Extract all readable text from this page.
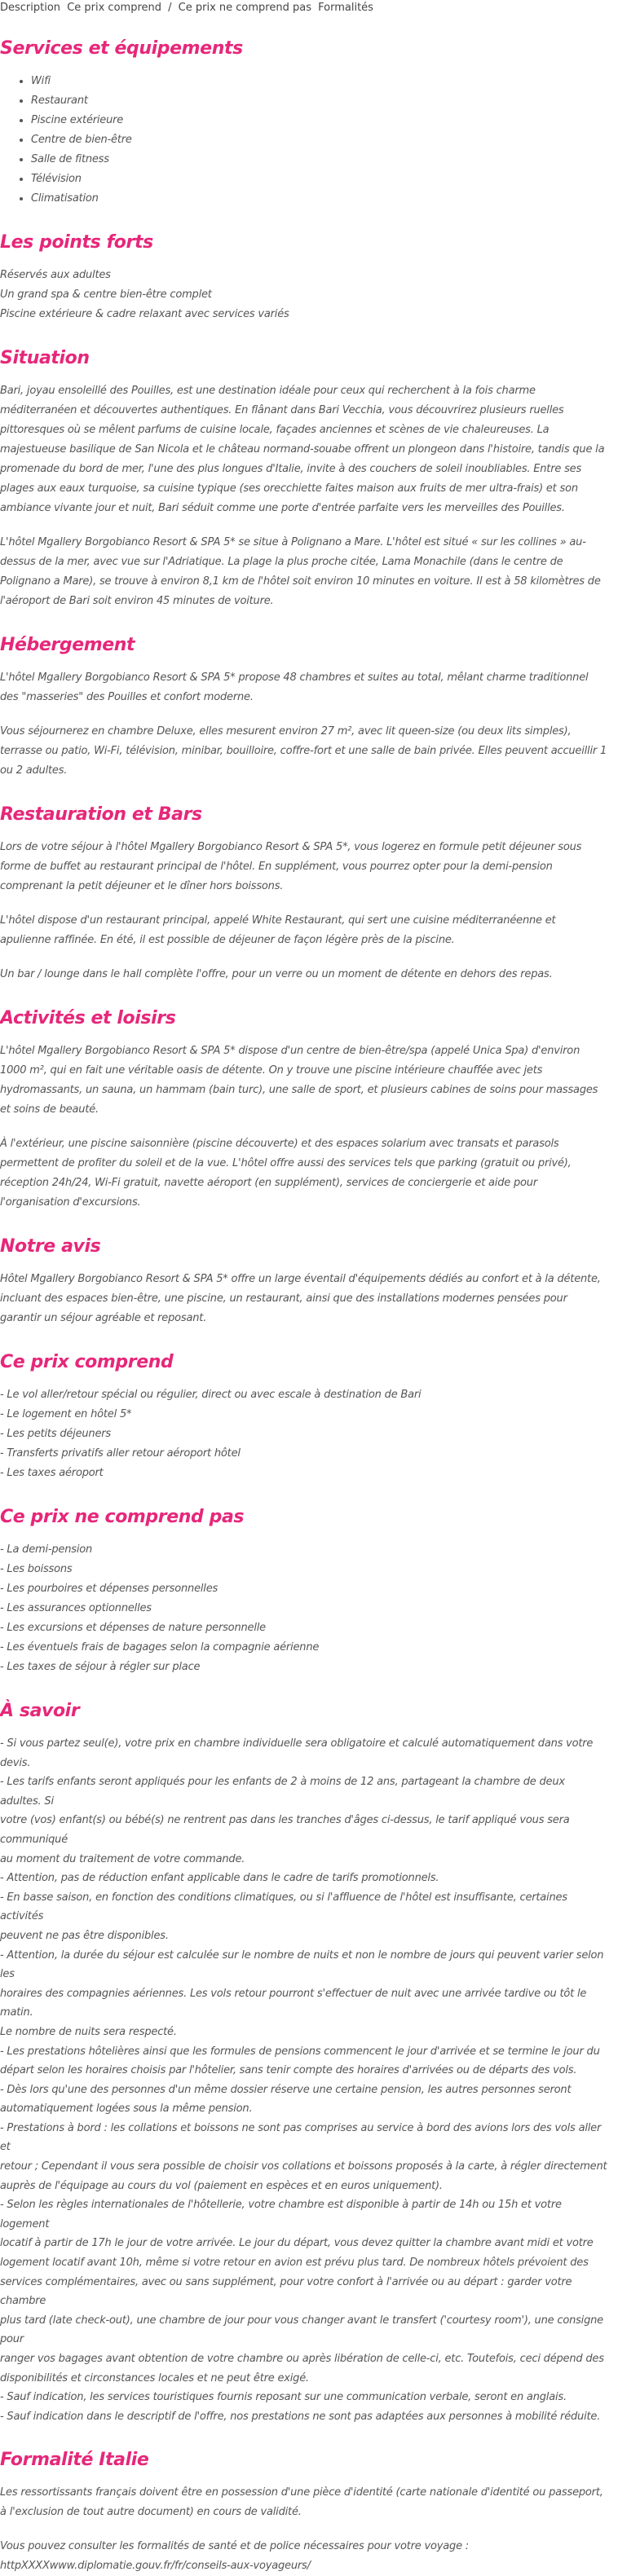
Description Ce prix comprend / Ce prix ne comprend pas Formalités
Services et équipements
• Wifi
• Restaurant
• Piscine extérieure
• Centre de bien-être
• Salle de fitness
• Télévision
• Climatisation
Les points forts
Réservés aux adultes
Un grand spa & centre bien-être complet
Piscine extérieure & cadre relaxant avec services variés
Situation

Bari, joyau ensoleillé des Pouilles, est une destination idéale pour ceux qui recherchent à la fois charme méditerranéen et découvertes authentiques. En flânant dans Bari Vecchia, vous découvrirez plusieurs ruelles pittoresques où se mêlent parfums de cuisine locale, façades anciennes et scènes de vie chaleureuses. La majestueuse basilique de San Nicola et le château normand-souabe offrent un plongeon dans l'histoire, tandis que la promenade du bord de mer, l'une des plus longues d'Italie, invite à des couchers de soleil inoubliables. Entre ses plages aux eaux turquoise, sa cuisine typique (ses orecchiette faites maison aux fruits de mer ultra-frais) et son ambiance vivante jour et nuit, Bari séduit comme une porte d'entrée parfaite vers les merveilles des Pouilles.

L'hôtel Mgallery Borgobianco Resort & SPA 5* se situe à Polignano a Mare. L'hôtel est situé « sur les collines » au-dessus de la mer, avec vue sur l'Adriatique. La plage la plus proche citée, Lama Monachile (dans le centre de Polignano a Mare), se trouve à environ 8,1 km de l'hôtel soit environ 10 minutes en voiture. Il est à 58 kilomètres de l'aéroport de Bari soit environ 45 minutes de voiture.

Hébergement

L'hôtel Mgallery Borgobianco Resort & SPA 5* propose 48 chambres et suites au total, mêlant charme traditionnel des "masseries" des Pouilles et confort moderne.

Vous séjournerez en chambre Deluxe, elles mesurent environ 27 m², avec lit queen-size (ou deux lits simples), terrasse ou patio, Wi-Fi, télévision, minibar, bouilloire, coffre-fort et une salle de bain privée. Elles peuvent accueillir 1 ou 2 adultes.

Restauration et Bars

Lors de votre séjour à l'hôtel Mgallery Borgobianco Resort & SPA 5*, vous logerez en formule petit déjeuner sous forme de buffet au restaurant principal de l'hôtel. En supplément, vous pourrez opter pour la demi-pension comprenant la petit déjeuner et le dîner hors boissons.

L'hôtel dispose d'un restaurant principal, appelé White Restaurant, qui sert une cuisine méditerranéenne et apulienne raffinée. En été, il est possible de déjeuner de façon légère près de la piscine.

Un bar / lounge dans le hall complète l'offre, pour un verre ou un moment de détente en dehors des repas.

Activités et loisirs

L'hôtel Mgallery Borgobianco Resort & SPA 5* dispose d'un centre de bien-être/spa (appelé Unica Spa) d'environ 1000 m², qui en fait une véritable oasis de détente. On y trouve une piscine intérieure chauffée avec jets hydromassants, un sauna, un hammam (bain turc), une salle de sport, et plusieurs cabines de soins pour massages et soins de beauté.

À l'extérieur, une piscine saisonnière (piscine découverte) et des espaces solarium avec transats et parasols permettent de profiter du soleil et de la vue. L'hôtel offre aussi des services tels que parking (gratuit ou privé), réception 24h/24, Wi-Fi gratuit, navette aéroport (en supplément), services de conciergerie et aide pour l'organisation d'excursions.

Notre avis

Hôtel Mgallery Borgobianco Resort & SPA 5* offre un large éventail d'équipements dédiés au confort et à la détente, incluant des espaces bien-être, une piscine, un restaurant, ainsi que des installations modernes pensées pour garantir un séjour agréable et reposant.

Ce prix comprend
- Le vol aller/retour spécial ou régulier, direct ou avec escale à destination de Bari
- Le logement en hôtel 5*
- Les petits déjeuners
- Transferts privatifs aller retour aéroport hôtel
- Les taxes aéroport
Ce prix ne comprend pas
- La demi-pension
- Les boissons
- Les pourboires et dépenses personnelles
- Les assurances optionnelles
- Les excursions et dépenses de nature personnelle
- Les éventuels frais de bagages selon la compagnie aérienne
- Les taxes de séjour à régler sur place
À savoir
- Si vous partez seul(e), votre prix en chambre individuelle sera obligatoire et calculé automatiquement dans votre devis.
- Les tarifs enfants seront appliqués pour les enfants de 2 à moins de 12 ans, partageant la chambre de deux adultes. Si
votre (vos) enfant(s) ou bébé(s) ne rentrent pas dans les tranches d'âges ci-dessus, le tarif appliqué vous sera communiqué
au moment du traitement de votre commande.
- Attention, pas de réduction enfant applicable dans le cadre de tarifs promotionnels.
- En basse saison, en fonction des conditions climatiques, ou si l'affluence de l'hôtel est insuffisante, certaines activités
peuvent ne pas être disponibles.
- Attention, la durée du séjour est calculée sur le nombre de nuits et non le nombre de jours qui peuvent varier selon les
horaires des compagnies aériennes. Les vols retour pourront s'effectuer de nuit avec une arrivée tardive ou tôt le matin.
Le nombre de nuits sera respecté.
- Les prestations hôtelières ainsi que les formules de pensions commencent le jour d'arrivée et se termine le jour du
départ selon les horaires choisis par l'hôtelier, sans tenir compte des horaires d'arrivées ou de départs des vols.
- Dès lors qu'une des personnes d'un même dossier réserve une certaine pension, les autres personnes seront
automatiquement logées sous la même pension.
- Prestations à bord : les collations et boissons ne sont pas comprises au service à bord des avions lors des vols aller et
retour ; Cependant il vous sera possible de choisir vos collations et boissons proposés à la carte, à régler directement
auprès de l'équipage au cours du vol (paiement en espèces et en euros uniquement).
- Selon les règles internationales de l'hôtellerie, votre chambre est disponible à partir de 14h ou 15h et votre logement
locatif à partir de 17h le jour de votre arrivée. Le jour du départ, vous devez quitter la chambre avant midi et votre
logement locatif avant 10h, même si votre retour en avion est prévu plus tard. De nombreux hôtels prévoient des
services complémentaires, avec ou sans supplément, pour votre confort à l'arrivée ou au départ : garder votre chambre
plus tard (late check-out), une chambre de jour pour vous changer avant le transfert ('courtesy room'), une consigne pour
ranger vos bagages avant obtention de votre chambre ou après libération de celle-ci, etc. Toutefois, ceci dépend des
disponibilités et circonstances locales et ne peut être exigé.
- Sauf indication, les services touristiques fournis reposant sur une communication verbale, seront en anglais.
- Sauf indication dans le descriptif de l'offre, nos prestations ne sont pas adaptées aux personnes à mobilité réduite.
Formalité Italie

Les ressortissants français doivent être en possession d'une pièce d'identité (carte nationale d'identité ou passeport, à l'exclusion de tout autre document) en cours de validité.

Vous pouvez consulter les formalités de santé et de police nécessaires pour votre voyage :
httpXXXXwww.diplomatie.gouv.fr/fr/conseils-aux-voyageurs/
